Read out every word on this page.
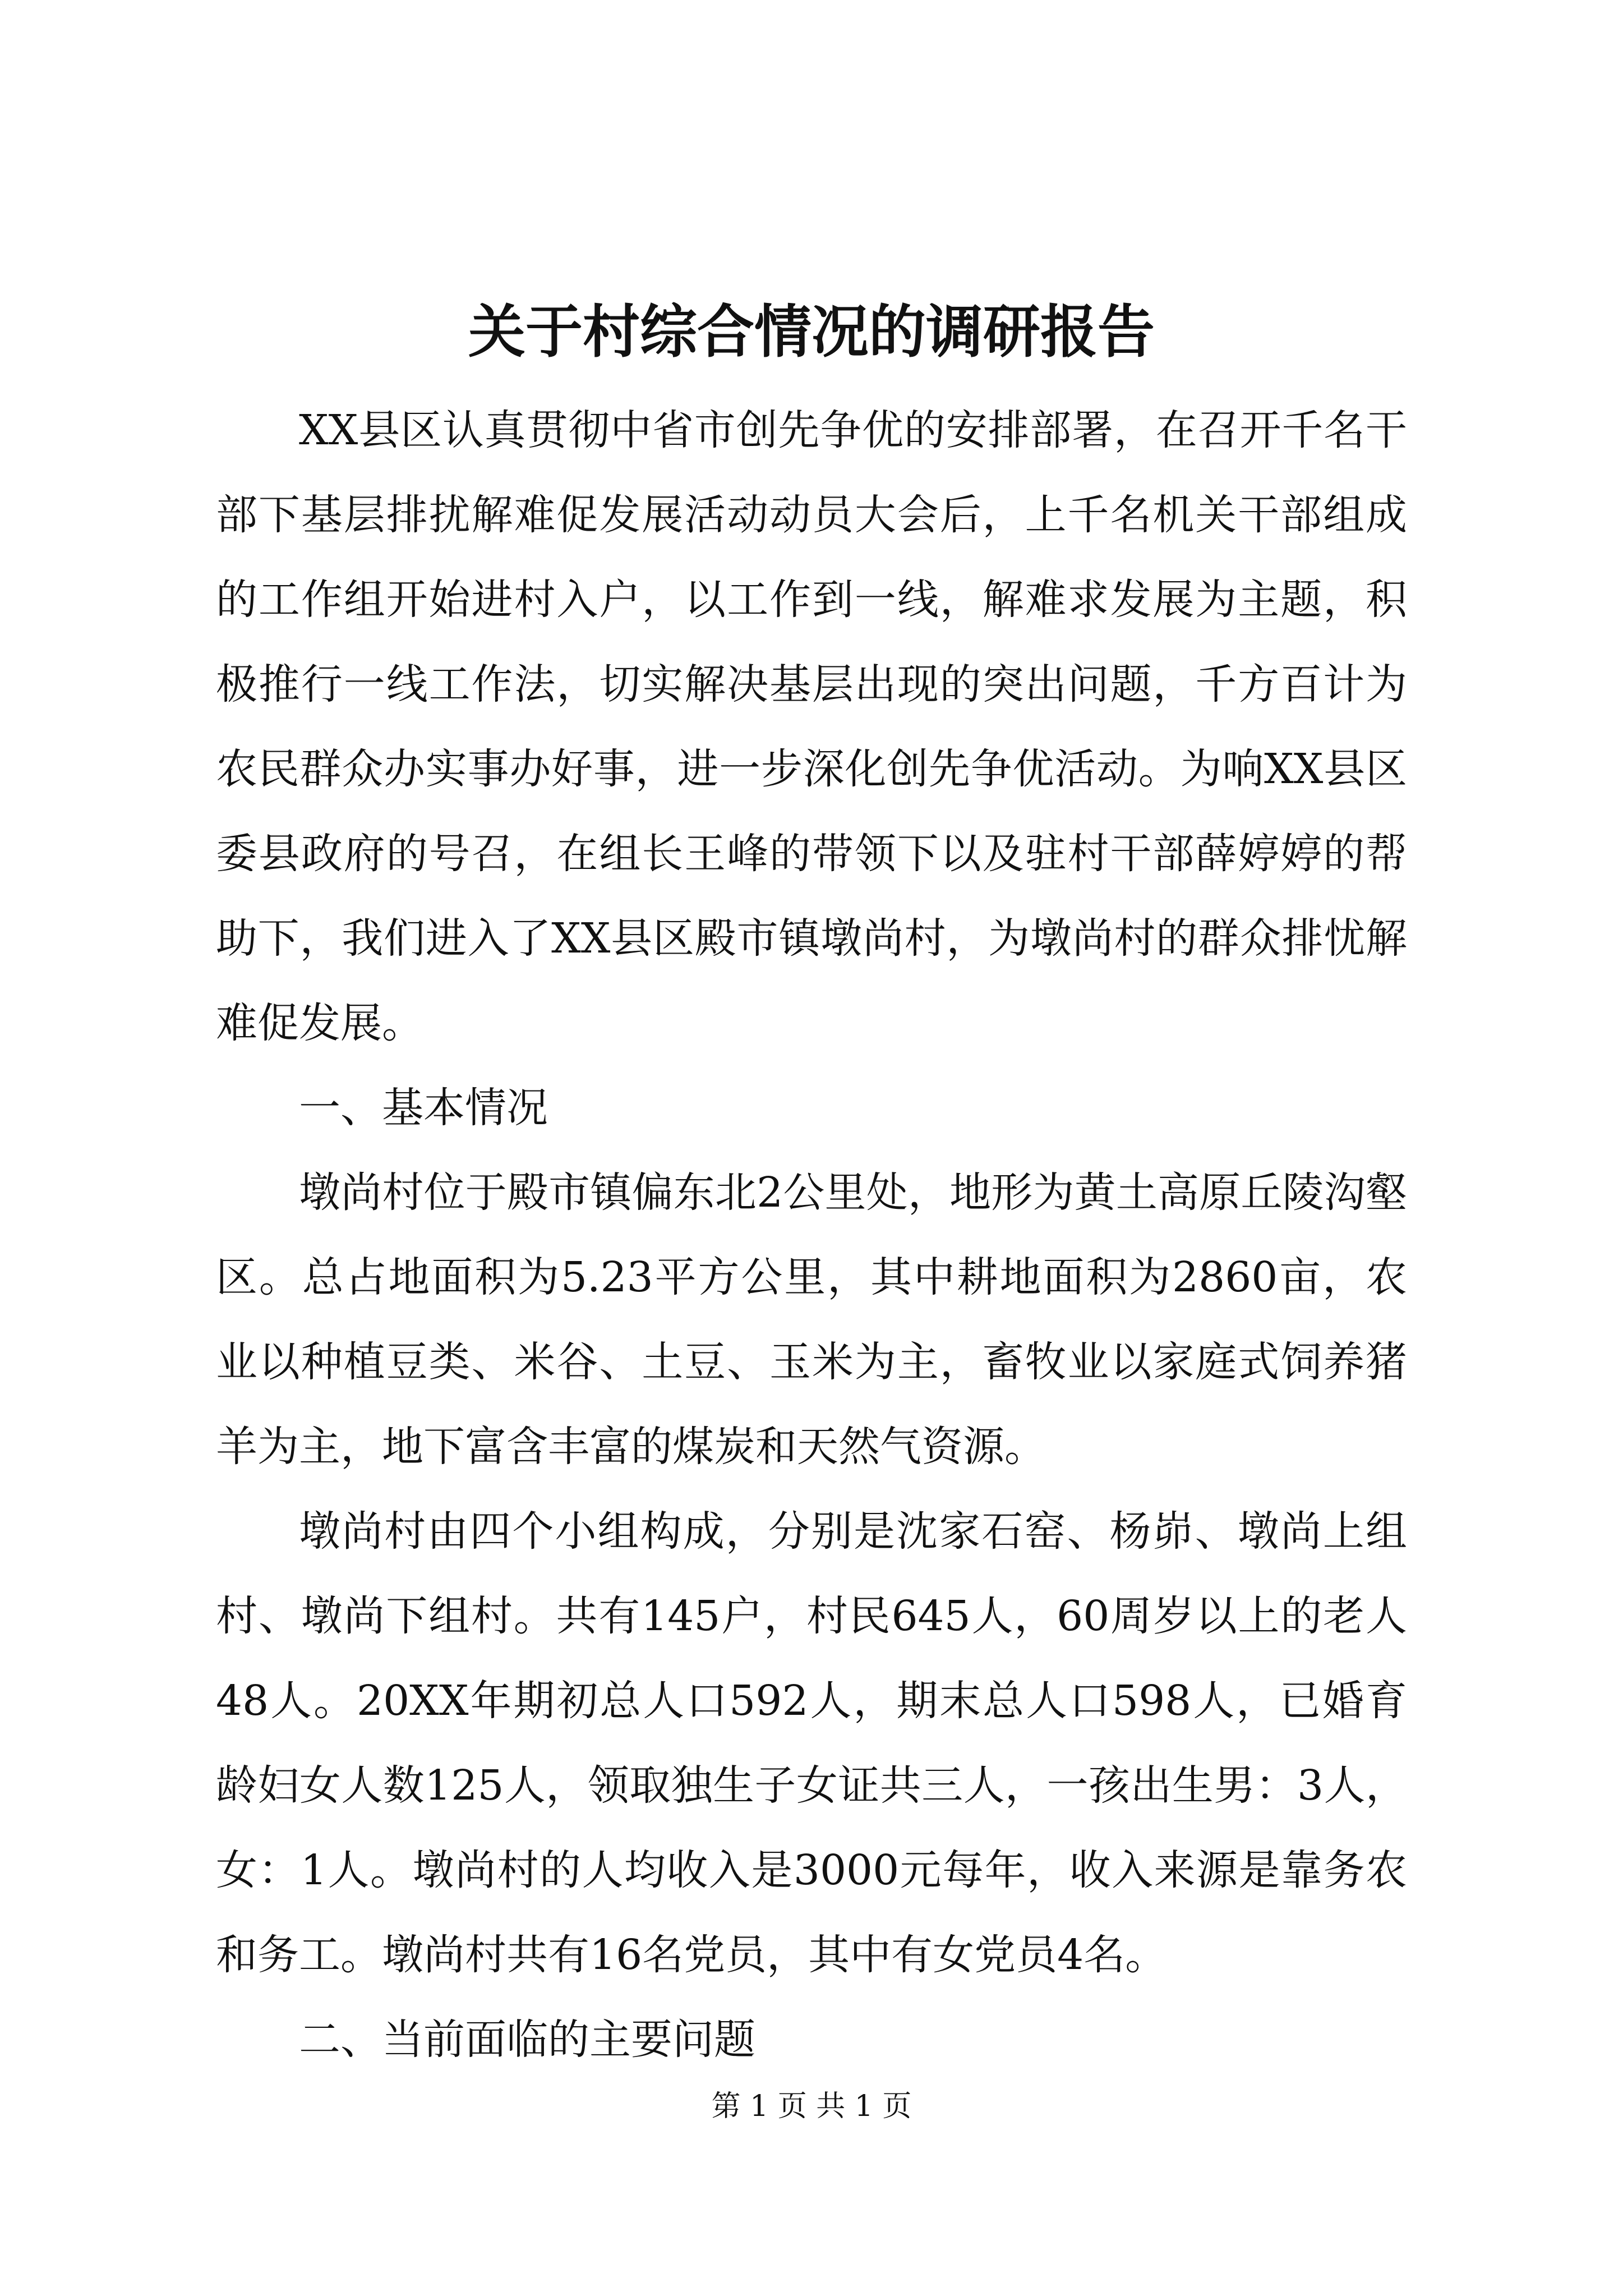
关于村综合情况的调研报告

XX县区认真贯彻中省市创先争优的安排部署，在召开千名干部下基层排扰解难促发展活动动员大会后，上千名机关干部组成的工作组开始进村入户，以工作到一线，解难求发展为主题，积极推行一线工作法，切实解决基层出现的突出问题，千方百计为农民群众办实事办好事，进一步深化创先争优活动。为响XX县区委县政府的号召，在组长王峰的带领下以及驻村干部薛婷婷的帮助下，我们进入了XX县区殿市镇墩尚村，为墩尚村的群众排忧解难促发展。

一、基本情况

墩尚村位于殿市镇偏东北2公里处，地形为黄土高原丘陵沟壑区。总占地面积为5.23平方公里，其中耕地面积为2860亩，农业以种植豆类、米谷、土豆、玉米为主，畜牧业以家庭式饲养猪羊为主，地下富含丰富的煤炭和天然气资源。

墩尚村由四个小组构成，分别是沈家石窑、杨峁、墩尚上组村、墩尚下组村。共有145户，村民645人，60周岁以上的老人48人。20XX年期初总人口592人，期末总人口598人，已婚育龄妇女人数125人，领取独生子女证共三人，一孩出生男：3人，女：1人。墩尚村的人均收入是3000元每年，收入来源是靠务农和务工。墩尚村共有16名党员，其中有女党员4名。

二、当前面临的主要问题

第 1 页 共 1 页
